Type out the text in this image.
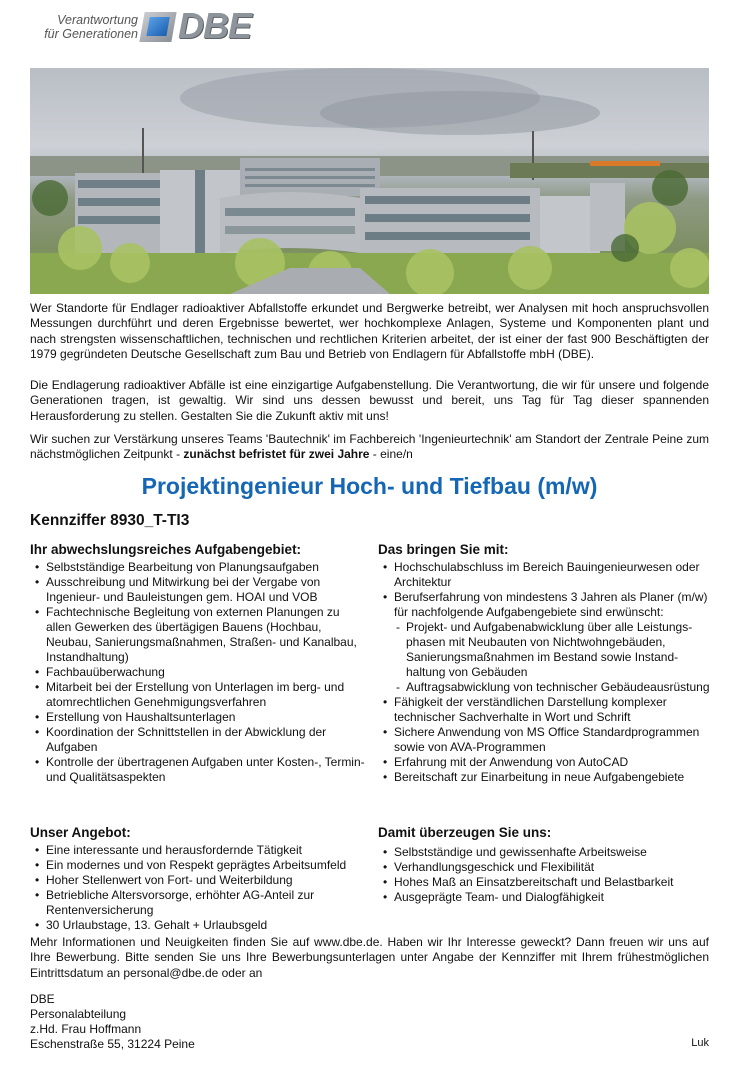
Verantwortung
für Generationen DBE

Wer Standorte für Endlager radioaktiver Abfallstoffe erkundet und Bergwerke betreibt, wer Analysen mit hoch anspruchsvollen Messungen durchführt und deren Ergebnisse bewertet, wer hochkomplexe Anlagen, Systeme und Komponenten plant und nach strengsten wissenschaftlichen, technischen und rechtlichen Kriterien arbeitet, der ist einer der fast 900 Beschäftigten der 1979 gegründeten Deutsche Gesellschaft zum Bau und Betrieb von Endlagern für Abfallstoffe mbH (DBE).

Die Endlagerung radioaktiver Abfälle ist eine einzigartige Aufgabenstellung. Die Verantwortung, die wir für unsere und folgende Generationen tragen, ist gewaltig. Wir sind uns dessen bewusst und bereit, uns Tag für Tag dieser spannenden Herausforderung zu stellen. Gestalten Sie die Zukunft aktiv mit uns!

Wir suchen zur Verstärkung unseres Teams 'Bautechnik' im Fachbereich 'Ingenieurtechnik' am Standort der Zentrale Peine zum nächstmöglichen Zeitpunkt - zunächst befristet für zwei Jahre - eine/n

Projektingenieur Hoch- und Tiefbau (m/w)
Kennziffer 8930_T-TI3
Ihr abwechslungsreiches Aufgabengebiet:
• Selbstständige Bearbeitung von Planungsaufgaben
• Ausschreibung und Mitwirkung bei der Vergabe von Ingenieur- und Bauleistungen gem. HOAI und VOB
• Fachtechnische Begleitung von externen Planungen zu allen Gewerken des übertägigen Bauens (Hochbau, Neubau, Sanierungsmaßnahmen, Straßen- und Kanalbau, Instandhaltung)
• Fachbauüberwachung
• Mitarbeit bei der Erstellung von Unterlagen im berg- und atomrechtlichen Genehmigungsverfahren
• Erstellung von Haushaltsunterlagen
• Koordination der Schnittstellen in der Abwicklung der Aufgaben
• Kontrolle der übertragenen Aufgaben unter Kosten-, Termin- und Qualitätsaspekten
Das bringen Sie mit:
• Hochschulabschluss im Bereich Bauingenieurwesen oder Architektur
• Berufserfahrung von mindestens 3 Jahren als Planer (m/w) für nachfolgende Aufgabengebiete sind erwünscht:
- Projekt- und Aufgabenabwicklung über alle Leistungs-phasen mit Neubauten von Nichtwohngebäuden, Sanierungsmaßnahmen im Bestand sowie Instand-haltung von Gebäuden
- Auftragsabwicklung von technischer Gebäudeausrüstung
• Fähigkeit der verständlichen Darstellung komplexer technischer Sachverhalte in Wort und Schrift
• Sichere Anwendung von MS Office Standardprogrammen sowie von AVA-Programmen
• Erfahrung mit der Anwendung von AutoCAD
• Bereitschaft zur Einarbeitung in neue Aufgabengebiete
Unser Angebot:
• Eine interessante und herausfordernde Tätigkeit
• Ein modernes und von Respekt geprägtes Arbeitsumfeld
• Hoher Stellenwert von Fort- und Weiterbildung
• Betriebliche Altersvorsorge, erhöhter AG-Anteil zur Rentenversicherung
• 30 Urlaubstage, 13. Gehalt + Urlaubsgeld
Damit überzeugen Sie uns:
• Selbstständige und gewissenhafte Arbeitsweise
• Verhandlungsgeschick und Flexibilität
• Hohes Maß an Einsatzbereitschaft und Belastbarkeit
• Ausgeprägte Team- und Dialogfähigkeit

Mehr Informationen und Neuigkeiten finden Sie auf www.dbe.de. Haben wir Ihr Interesse geweckt? Dann freuen wir uns auf Ihre Bewerbung. Bitte senden Sie uns Ihre Bewerbungsunterlagen unter Angabe der Kennziffer mit Ihrem frühestmöglichen Eintrittsdatum an personal@dbe.de oder an

DBE
Personalabteilung
z.Hd. Frau Hoffmann
Eschenstraße 55, 31224 Peine	Luk
